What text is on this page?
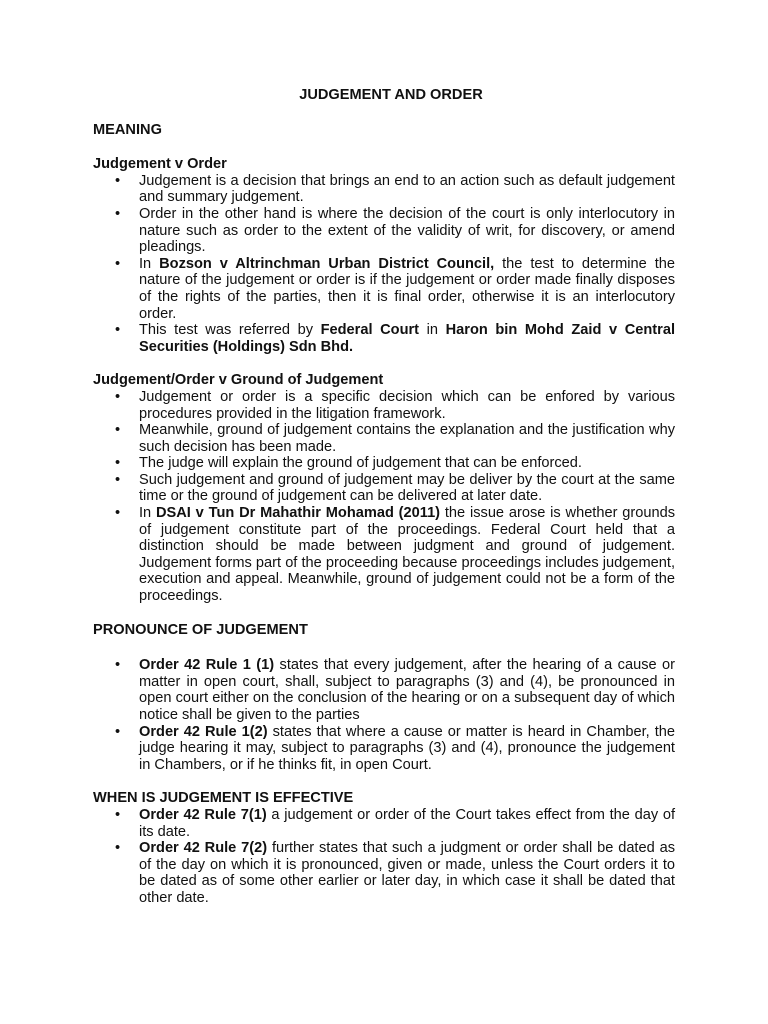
JUDGEMENT AND ORDER
MEANING
Judgement v Order
• Judgement is a decision that brings an end to an action such as default judgement and summary judgement.
• Order in the other hand is where the decision of the court is only interlocutory in nature such as order to the extent of the validity of writ, for discovery, or amend pleadings.
• In Bozson v Altrinchman Urban District Council, the test to determine the nature of the judgement or order is if the judgement or order made finally disposes of the rights of the parties, then it is final order, otherwise it is an interlocutory order.
• This test was referred by Federal Court in Haron bin Mohd Zaid v Central Securities (Holdings) Sdn Bhd.
Judgement/Order v Ground of Judgement
• Judgement or order is a specific decision which can be enfored by various procedures provided in the litigation framework.
• Meanwhile, ground of judgement contains the explanation and the justification why such decision has been made.
• The judge will explain the ground of judgement that can be enforced.
• Such judgement and ground of judgement may be deliver by the court at the same time or the ground of judgement can be delivered at later date.
• In DSAI v Tun Dr Mahathir Mohamad (2011) the issue arose is whether grounds of judgement constitute part of the proceedings. Federal Court held that a distinction should be made between judgment and ground of judgement. Judgement forms part of the proceeding because proceedings includes judgement, execution and appeal. Meanwhile, ground of judgement could not be a form of the proceedings.
PRONOUNCE OF JUDGEMENT
• Order 42 Rule 1 (1) states that every judgement, after the hearing of a cause or matter in open court, shall, subject to paragraphs (3) and (4), be pronounced in open court either on the conclusion of the hearing or on a subsequent day of which notice shall be given to the parties
• Order 42 Rule 1(2) states that where a cause or matter is heard in Chamber, the judge hearing it may, subject to paragraphs (3) and (4), pronounce the judgement in Chambers, or if he thinks fit, in open Court.
WHEN IS JUDGEMENT IS EFFECTIVE
• Order 42 Rule 7(1) a judgement or order of the Court takes effect from the day of its date.
• Order 42 Rule 7(2) further states that such a judgment or order shall be dated as of the day on which it is pronounced, given or made, unless the Court orders it to be dated as of some other earlier or later day, in which case it shall be dated that other date.
